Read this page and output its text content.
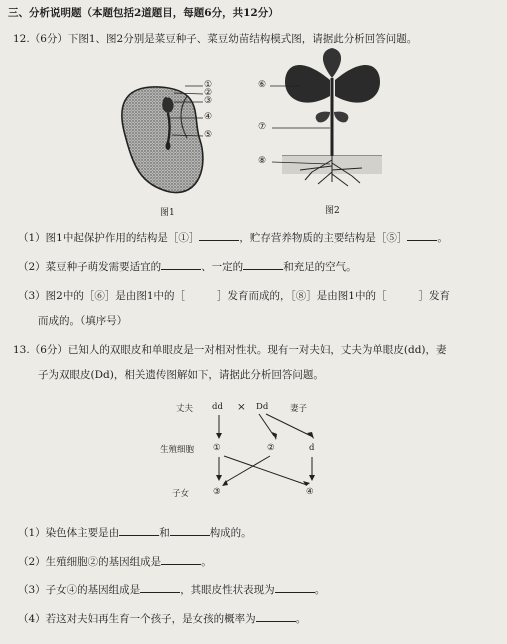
三、分析说明题（本题包括2道题目，每题6分，共12分）
12.（6分）下图1、图2分别是菜豆种子、菜豆幼苗结构模式图，请据此分析回答问题。
①
②
③
④
⑤
图1
⑥
⑦
⑧
图2
（1）图1中起保护作用的结构是［①］	，贮存营养物质的主要结构是［⑤］	。
（2）菜豆种子萌发需要适宜的	、一定的	和充足的空气。
（3）图2中的［⑥］是由图1中的［	］发育而成的，［⑧］是由图1中的［	］发育
而成的。（填序号）
13.（6分）已知人的双眼皮和单眼皮是一对相对性状。现有一对夫妇，丈夫为单眼皮(dd)，妻
子为双眼皮(Dd)，相关遗传图解如下，请据此分析回答问题。
丈夫 dd × Dd	妻子
生殖细胞 ①	②	d
子女	③	④
（1）染色体主要是由	和	构成的。
（2）生殖细胞②的基因组成是	。
（3）子女④的基因组成是	，其眼皮性状表现为	。
（4）若这对夫妇再生育一个孩子，是女孩的概率为	。
